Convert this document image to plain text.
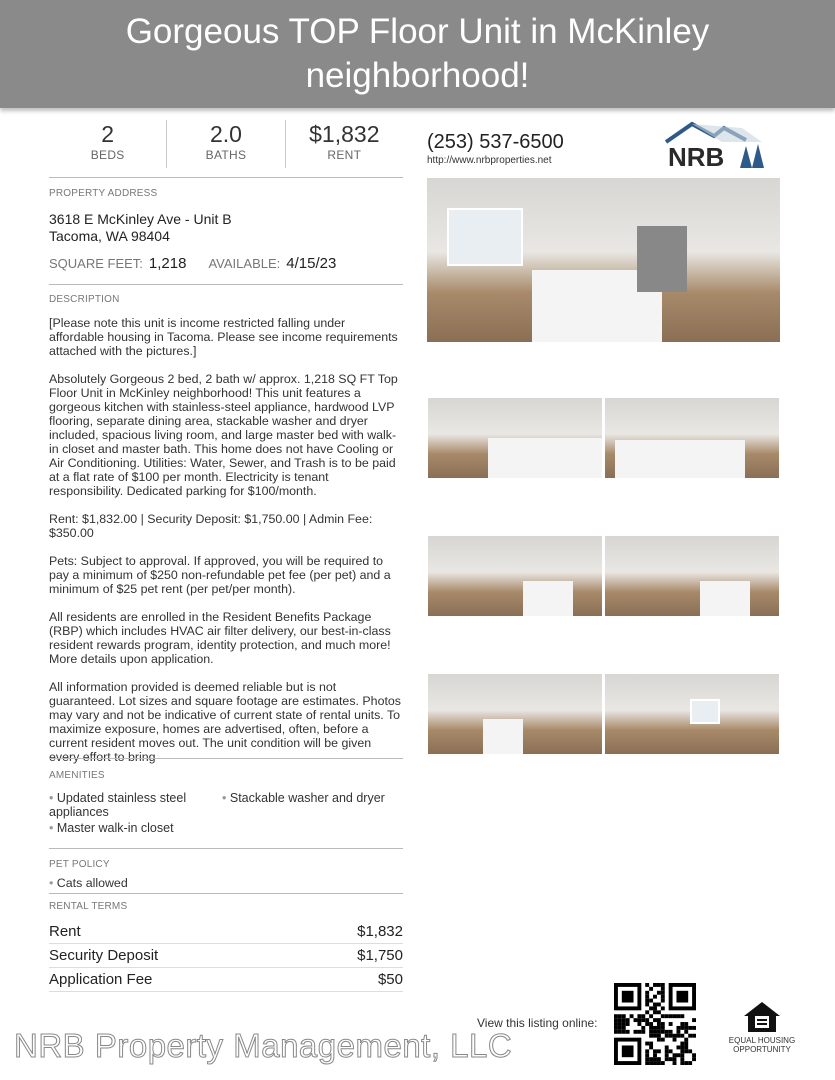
Gorgeous TOP Floor Unit in McKinley
neighborhood!
2
BEDS
2.0
BATHS
$1,832
RENT
PROPERTY ADDRESS
3618 E McKinley Ave - Unit B
Tacoma, WA 98404
SQUARE FEET: 1,218 AVAILABLE: 4/15/23
DESCRIPTION

[Please note this unit is income restricted falling under affordable housing in Tacoma. Please see income requirements attached with the pictures.]

Absolutely Gorgeous 2 bed, 2 bath w/ approx. 1,218 SQ FT Top Floor Unit in McKinley neighborhood! This unit features a gorgeous kitchen with stainless-steel appliance, hardwood LVP flooring, separate dining area, stackable washer and dryer included, spacious living room, and large master bed with walk-in closet and master bath. This home does not have Cooling or Air Conditioning. Utilities: Water, Sewer, and Trash is to be paid at a flat rate of $100 per month. Electricity is tenant responsibility. Dedicated parking for $100/month.

Rent: $1,832.00 | Security Deposit: $1,750.00 | Admin Fee: $350.00

Pets: Subject to approval. If approved, you will be required to pay a minimum of $250 non-refundable pet fee (per pet) and a minimum of $25 pet rent (per pet/per month).

All residents are enrolled in the Resident Benefits Package (RBP) which includes HVAC air filter delivery, our best-in-class resident rewards program, identity protection, and much more! More details upon application.

All information provided is deemed reliable but is not guaranteed. Lot sizes and square footage are estimates. Photos may vary and not be indicative of current state of rental units. To maximize exposure, homes are advertised, often, before a current resident moves out. The unit condition will be given every effort to bring

AMENITIES
• Updated stainless steel appliances
• Stackable washer and dryer
• Master walk-in closet
PET POLICY
• Cats allowed
RENTAL TERMS
Rent	$1,832
Security Deposit	$1,750
Application Fee	$50
(253) 537-6500
http://www.nrbproperties.net	NRB
View this listing online:
EQUAL HOUSING OPPORTUNITY
NRB Property Management, LLC
